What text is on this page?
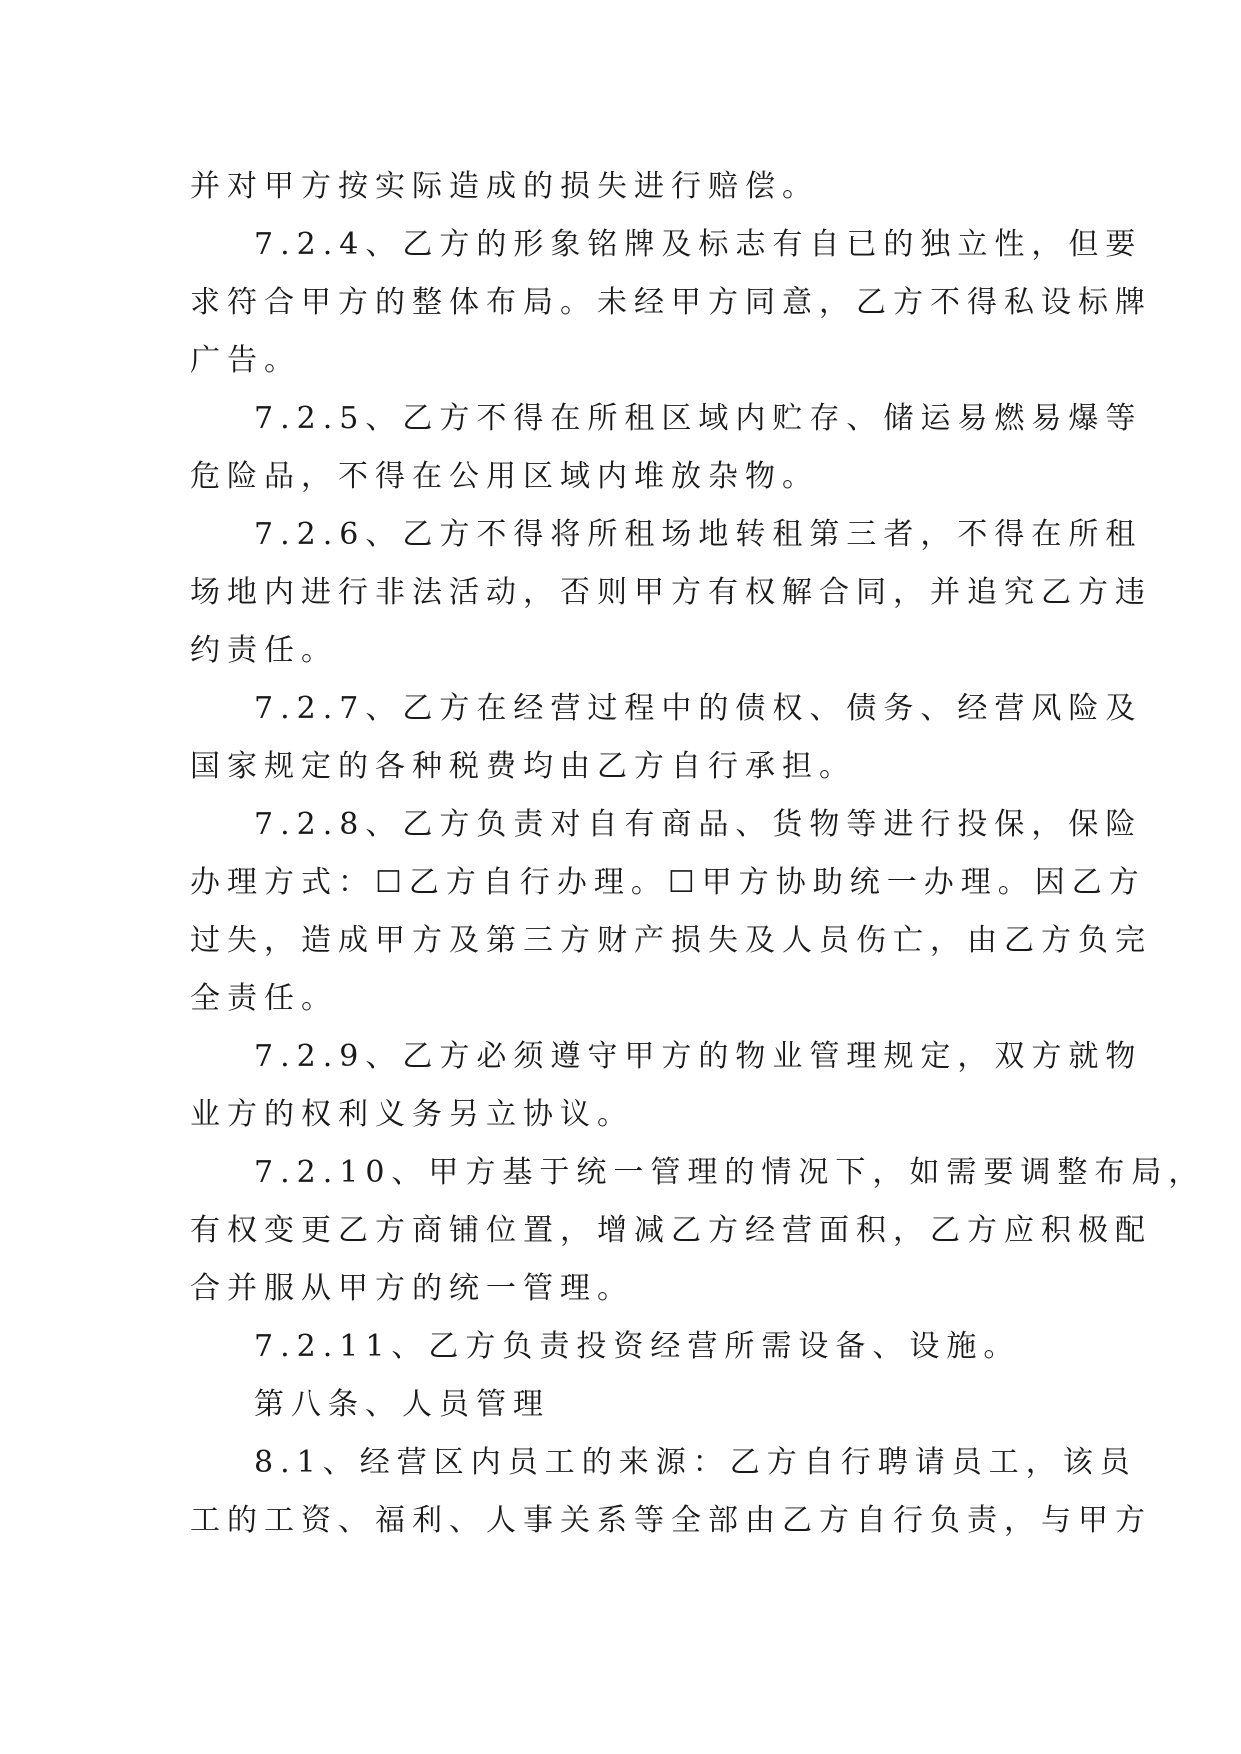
并对甲方按实际造成的损失进行赔偿。
7.2.4、乙方的形象铭牌及标志有自已的独立性，但要
求符合甲方的整体布局。未经甲方同意，乙方不得私设标牌
广告。
7.2.5、乙方不得在所租区域内贮存、储运易燃易爆等
危险品，不得在公用区域内堆放杂物。
7.2.6、乙方不得将所租场地转租第三者，不得在所租
场地内进行非法活动，否则甲方有权解合同，并追究乙方违
约责任。
7.2.7、乙方在经营过程中的债权、债务、经营风险及
国家规定的各种税费均由乙方自行承担。
7.2.8、乙方负责对自有商品、货物等进行投保，保险
办理方式：☐乙方自行办理。☐甲方协助统一办理。因乙方
过失，造成甲方及第三方财产损失及人员伤亡，由乙方负完
全责任。
7.2.9、乙方必须遵守甲方的物业管理规定，双方就物
业方的权利义务另立协议。
7.2.10、甲方基于统一管理的情况下，如需要调整布局，
有权变更乙方商铺位置，增减乙方经营面积，乙方应积极配
合并服从甲方的统一管理。
7.2.11、乙方负责投资经营所需设备、设施。
第八条、人员管理
8.1、经营区内员工的来源：乙方自行聘请员工，该员
工的工资、福利、人事关系等全部由乙方自行负责，与甲方
